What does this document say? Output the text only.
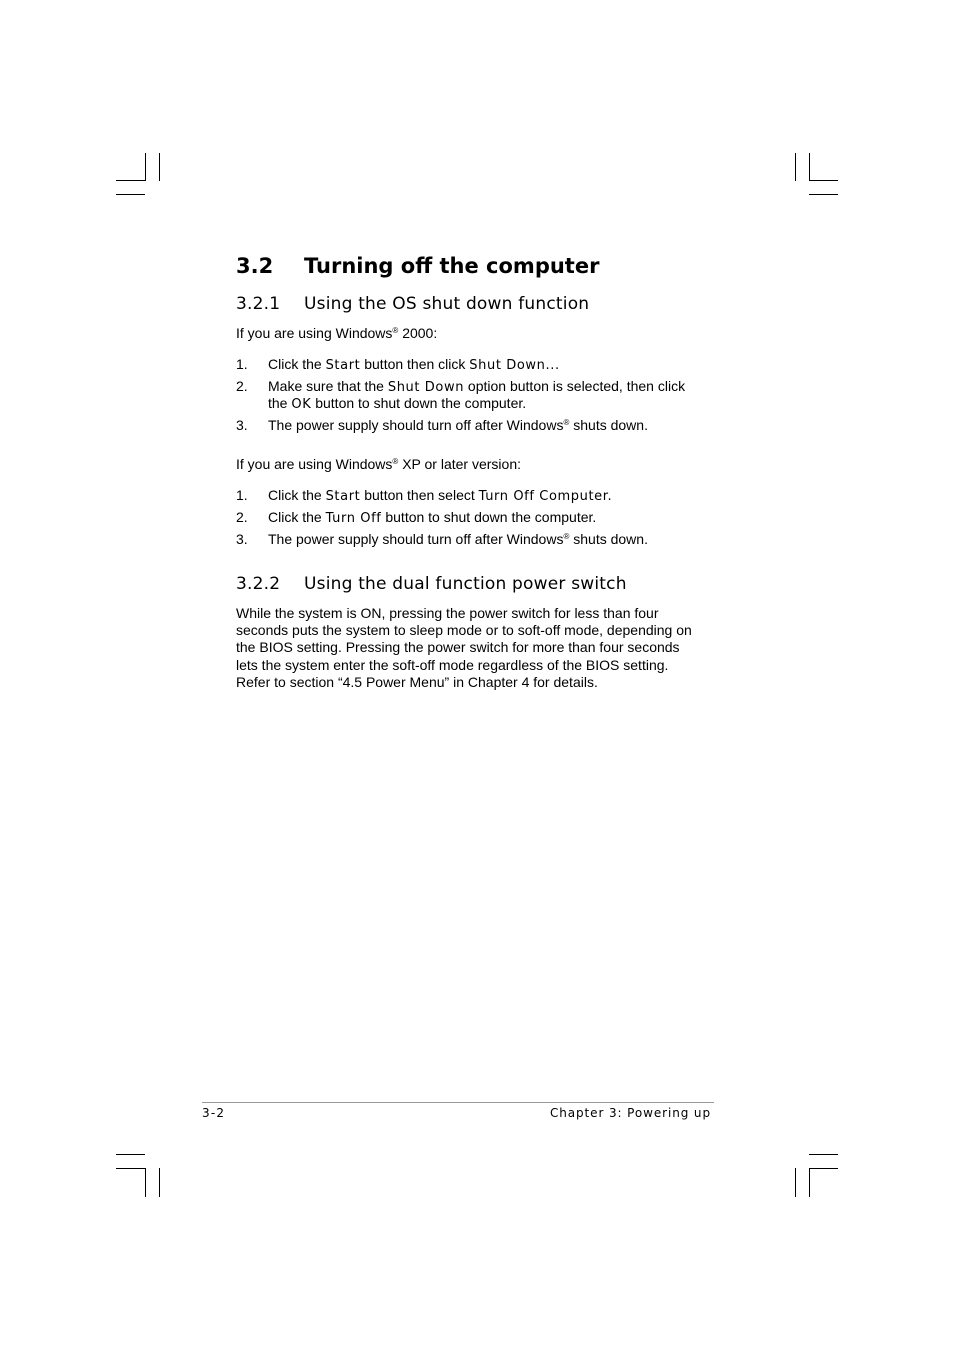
3.2 Turning off the computer
3.2.1 Using the OS shut down function

If you are using Windows® 2000:

1. Click the Start button then click Shut Down...
2. Make sure that the Shut Down option button is selected, then click
the OK button to shut down the computer.
3. The power supply should turn off after Windows® shuts down.

If you are using Windows® XP or later version:

1. Click the Start button then select Turn Off Computer.
2. Click the Turn Off button to shut down the computer.
3. The power supply should turn off after Windows® shuts down.
3.2.2 Using the dual function power switch
While the system is ON, pressing the power switch for less than four
seconds puts the system to sleep mode or to soft-off mode, depending on
the BIOS setting. Pressing the power switch for more than four seconds
lets the system enter the soft-off mode regardless of the BIOS setting.
Refer to section “4.5 Power Menu” in Chapter 4 for details.
3-2	Chapter 3: Powering up
